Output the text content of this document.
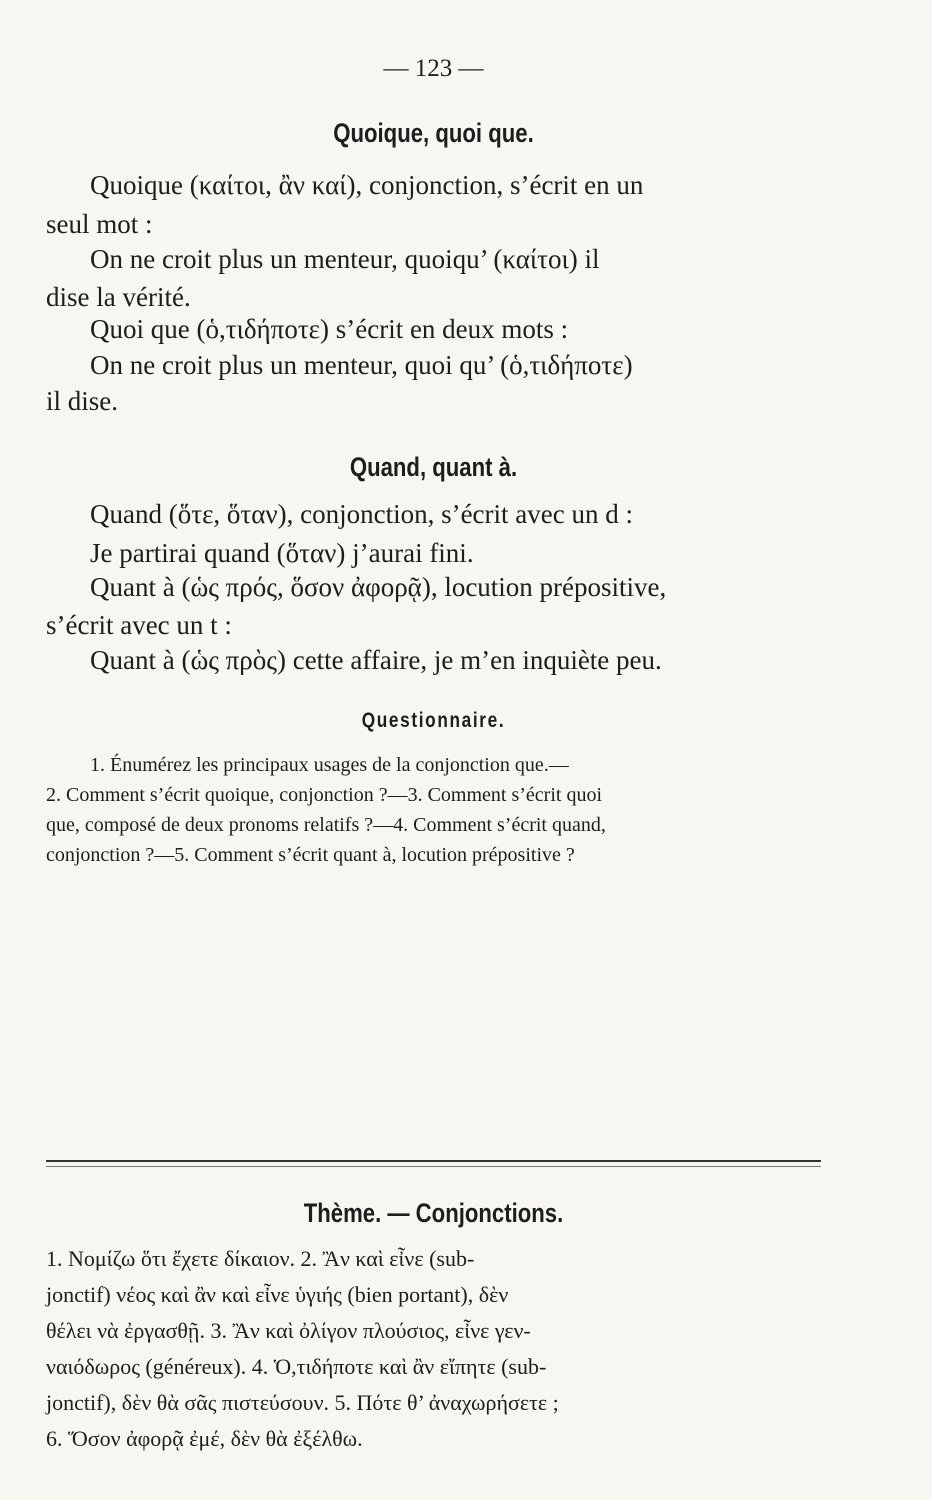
— 123 —
Quoique, quoi que.
Quoique (καίτοι, ἂν καί), conjonction, s’écrit en un
seul mot :
On ne croit plus un menteur, quoiqu’ (καίτοι) il
dise la vérité.
Quoi que (ὁ,τιδήποτε) s’écrit en deux mots :
On ne croit plus un menteur, quoi qu’ (ὁ,τιδήποτε)
il dise.
Quand, quant à.
Quand (ὅτε, ὅταν), conjonction, s’écrit avec un d :
Je partirai quand (ὅταν) j’aurai fini.
Quant à (ὡς πρός, ὅσον ἀφορᾷ), locution prépositive,
s’écrit avec un t :
Quant à (ὡς πρὸς) cette affaire, je m’en inquiète peu.
Questionnaire.
1. Énumérez les principaux usages de la conjonction que.—
2. Comment s’écrit quoique, conjonction ?—3. Comment s’écrit quoi
que, composé de deux pronoms relatifs ?—4. Comment s’écrit quand,
conjonction ?—5. Comment s’écrit quant à, locution prépositive ?
Thème. — Conjonctions.
1. Νομίζω ὅτι ἔχετε δίκαιον. 2. Ἂν καὶ εἶνε (sub-
jonctif) νέος καὶ ἂν καὶ εἶνε ὑγιής (bien portant), δὲν
θέλει νὰ ἐργασθῇ. 3. Ἂν καὶ ὀλίγον πλούσιος, εἶνε γεν-
ναιόδωρος (généreux). 4. Ὁ,τιδήποτε καὶ ἂν εἴπητε (sub-
jonctif), δὲν θὰ σᾶς πιστεύσουν. 5. Πότε θ’ ἀναχωρήσετε ;
6. Ὅσον ἀφορᾷ ἐμέ, δὲν θὰ ἐξέλθω.
